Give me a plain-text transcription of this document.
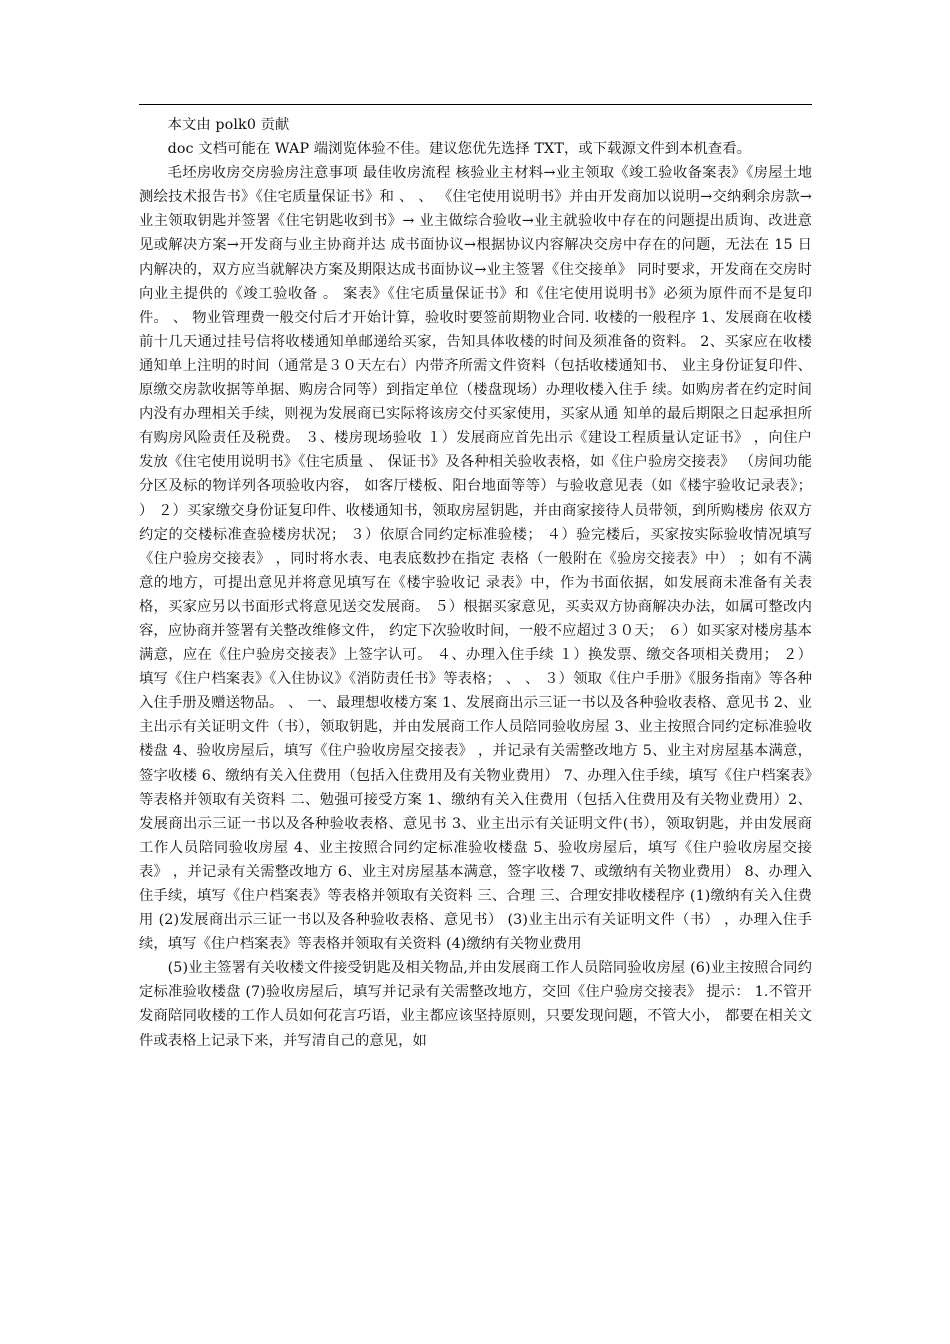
本文由 polk0 贡献

doc 文档可能在 WAP 端浏览体验不佳。建议您优先选择 TXT，或下载源文件到本机查看。

毛坯房收房交房验房注意事项 最佳收房流程 核验业主材料→业主领取《竣工验收备案表》《房屋土地测绘技术报告书》《住宅质量保证书》和 、 、 《住宅使用说明书》并由开发商加以说明→交纳剩余房款→业主领取钥匙并签署《住宅钥匙收到书》→ 业主做综合验收→业主就验收中存在的问题提出质询、改进意见或解决方案→开发商与业主协商并达 成书面协议→根据协议内容解决交房中存在的问题，无法在 15 日内解决的，双方应当就解决方案及期限达成书面协议→业主签署《住交接单》 同时要求，开发商在交房时向业主提供的《竣工验收备 。 案表》《住宅质量保证书》和《住宅使用说明书》必须为原件而不是复印件。 、 物业管理费一般交付后才开始计算，验收时要签前期物业合同. 收楼的一般程序 1、发展商在收楼前十几天通过挂号信将收楼通知单邮递给买家，告知具体收楼的时间及须准备的资料。 2、买家应在收楼通知单上注明的时间（通常是３０天左右）内带齐所需文件资料（包括收楼通知书、 业主身份证复印件、原缴交房款收据等单据、购房合同等）到指定单位（楼盘现场）办理收楼入住手 续。如购房者在约定时间内没有办理相关手续，则视为发展商已实际将该房交付买家使用，买家从通 知单的最后期限之日起承担所有购房风险责任及税费。 ３、楼房现场验收 １）发展商应首先出示《建设工程质量认定证书》 ，向住户发放《住宅使用说明书》《住宅质量 、 保证书》及各种相关验收表格，如《住户验房交接表》 （房间功能分区及标的物详列各项验收内容， 如客厅楼板、阳台地面等等）与验收意见表（如《楼宇验收记录表》； ） ２）买家缴交身份证复印件、收楼通知书，领取房屋钥匙，并由商家接待人员带领，到所购楼房 依双方约定的交楼标准查验楼房状况； ３）依原合同约定标准验楼； ４）验完楼后，买家按实际验收情况填写《住户验房交接表》 ，同时将水表、电表底数抄在指定 表格（一般附在《验房交接表》中） ；如有不满意的地方，可提出意见并将意见填写在《楼宇验收记 录表》中，作为书面依据，如发展商未准备有关表格，买家应另以书面形式将意见送交发展商。 ５）根据买家意见，买卖双方协商解决办法，如属可整改内容，应协商并签署有关整改维修文件， 约定下次验收时间，一般不应超过３０天； ６）如买家对楼房基本满意，应在《住户验房交接表》上签字认可。 ４、办理入住手续 １）换发票、缴交各项相关费用； ２）填写《住户档案表》《入住协议》《消防责任书》等表格； 、 、 ３）领取《住户手册》《服务指南》等各种入住手册及赠送物品。 、 一、最理想收楼方案 1、发展商出示三证一书以及各种验收表格、意见书 2、业主出示有关证明文件（书），领取钥匙，并由发展商工作人员陪同验收房屋 3、业主按照合同约定标准验收楼盘 4、验收房屋后，填写《住户验收房屋交接表》 ，并记录有关需整改地方 5、业主对房屋基本满意，签字收楼 6、缴纳有关入住费用（包括入住费用及有关物业费用） 7、办理入住手续，填写《住户档案表》等表格并领取有关资料 二、勉强可接受方案 1、缴纳有关入住费用（包括入住费用及有关物业费用）2、发展商出示三证一书以及各种验收表格、意见书 3、业主出示有关证明文件(书），领取钥匙，并由发展商工作人员陪同验收房屋 4、业主按照合同约定标准验收楼盘 5、验收房屋后，填写《住户验收房屋交接表》 ，并记录有关需整改地方 6、业主对房屋基本满意，签字收楼 7、或缴纳有关物业费用） 8、办理入住手续，填写《住户档案表》等表格并领取有关资料 三、合理 三、合理安排收楼程序 (1)缴纳有关入住费用 (2)发展商出示三证一书以及各种验收表格、意见书） (3)业主出示有关证明文件（书） ，办理入住手续，填写《住户档案表》等表格并领取有关资料 (4)缴纳有关物业费用

(5)业主签署有关收楼文件接受钥匙及相关物品,并由发展商工作人员陪同验收房屋 (6)业主按照合同约定标准验收楼盘 (7)验收房屋后，填写并记录有关需整改地方，交回《住户验房交接表》 提示： 1.不管开发商陪同收楼的工作人员如何花言巧语，业主都应该坚持原则，只要发现问题，不管大小， 都要在相关文件或表格上记录下来，并写清自己的意见，如
